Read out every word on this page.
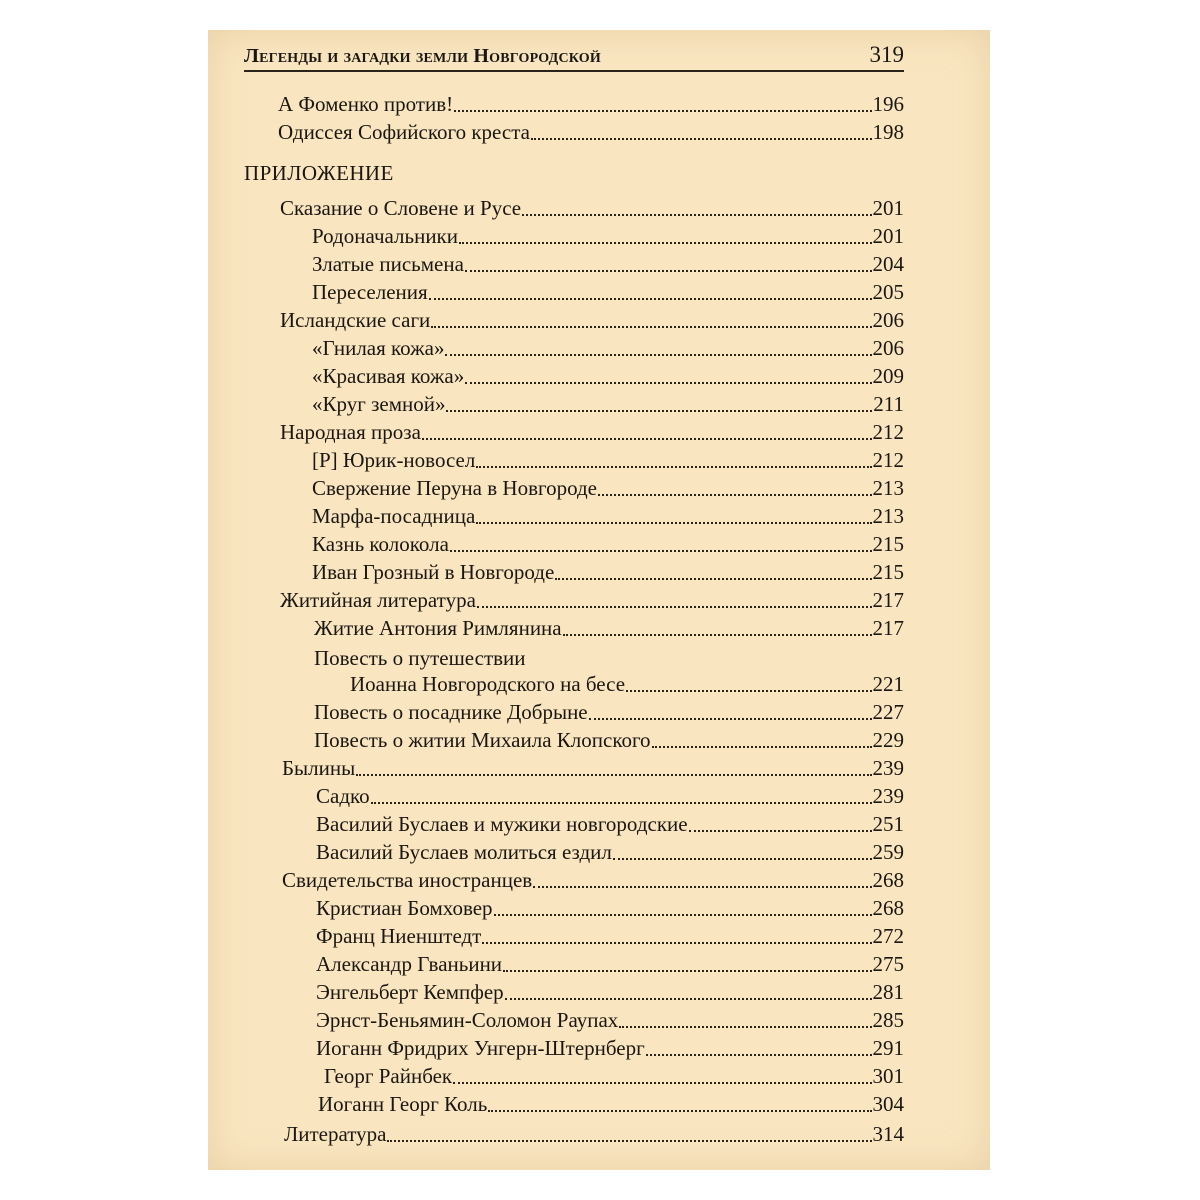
Легенды и загадки земли Новгородской	319
А Фоменко против!	196
Одиссея Софийского креста	198
ПРИЛОЖЕНИЕ
Сказание о Словене и Русе	201
Родоначальники	201
Златые письмена	204
Переселения	205
Исландские саги	206
«Гнилая кожа»	206
«Красивая кожа»	209
«Круг земной»	211
Народная проза	212
[Р] Юрик-новосел	212
Свержение Перуна в Новгороде	213
Марфа-посадница	213
Казнь колокола	215
Иван Грозный в Новгороде	215
Житийная литература	217
Житие Антония Римлянина	217
Повесть о путешествии
Иоанна Новгородского на бесе	221
Повесть о посаднике Добрыне	227
Повесть о житии Михаила Клопского	229
Былины	239
Садко	239
Василий Буслаев и мужики новгородские	251
Василий Буслаев молиться ездил	259
Свидетельства иностранцев	268
Кристиан Бомховер	268
Франц Ниенштедт	272
Александр Гваньини	275
Энгельберт Кемпфер	281
Эрнст-Беньямин-Соломон Раупах	285
Иоганн Фридрих Унгерн-Штернберг	291
Георг Райнбек	301
Иоганн Георг Коль	304
Литература	314
